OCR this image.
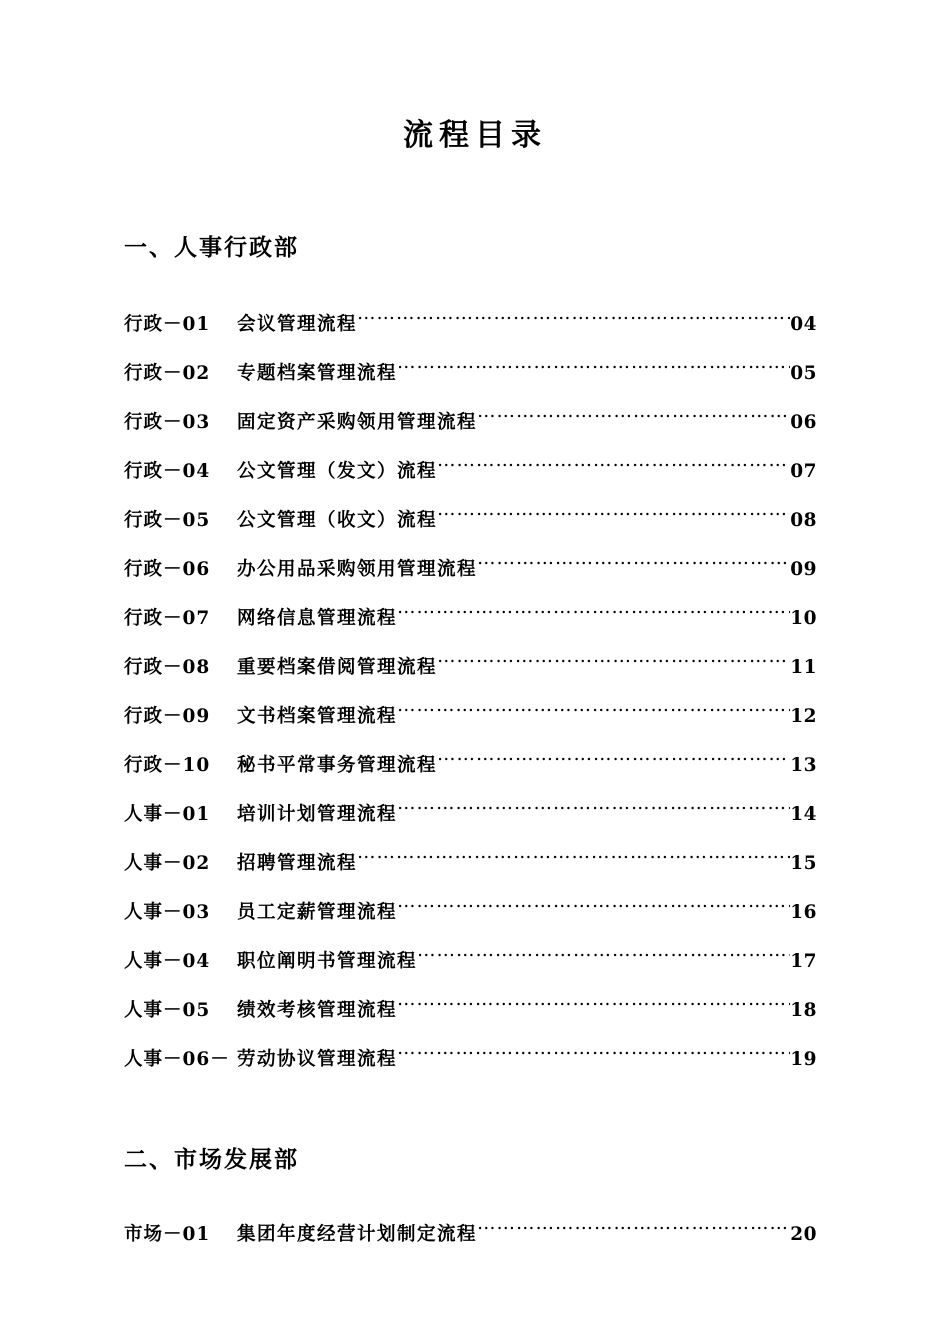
流程目录
一、人事行政部
行政－01	会议管理流程 …………………………………………………………………………………………………………………………………………………………………	04
行政－02	专题档案管理流程 …………………………………………………………………………………………………………………………………………………………………	05
行政－03	固定资产采购领用管理流程 …………………………………………………………………………………………………………………………………………………………………	06
行政－04	公文管理（发文）流程 …………………………………………………………………………………………………………………………………………………………………	07
行政－05	公文管理（收文）流程 …………………………………………………………………………………………………………………………………………………………………	08
行政－06	办公用品采购领用管理流程 …………………………………………………………………………………………………………………………………………………………………	09
行政－07	网络信息管理流程 …………………………………………………………………………………………………………………………………………………………………	10
行政－08	重要档案借阅管理流程 …………………………………………………………………………………………………………………………………………………………………	11
行政－09	文书档案管理流程 …………………………………………………………………………………………………………………………………………………………………	12
行政－10	秘书平常事务管理流程 …………………………………………………………………………………………………………………………………………………………………	13
人事－01	培训计划管理流程 …………………………………………………………………………………………………………………………………………………………………	14
人事－02	招聘管理流程 …………………………………………………………………………………………………………………………………………………………………	15
人事－03	员工定薪管理流程 …………………………………………………………………………………………………………………………………………………………………	16
人事－04	职位阐明书管理流程 …………………………………………………………………………………………………………………………………………………………………	17
人事－05	绩效考核管理流程 …………………………………………………………………………………………………………………………………………………………………	18
人事－06－ 劳动协议管理流程 …………………………………………………………………………………………………………………………………………………………………	19
二、市场发展部
市场－01	集团年度经营计划制定流程 …………………………………………………………………………………………………………………………………………………………………	20
